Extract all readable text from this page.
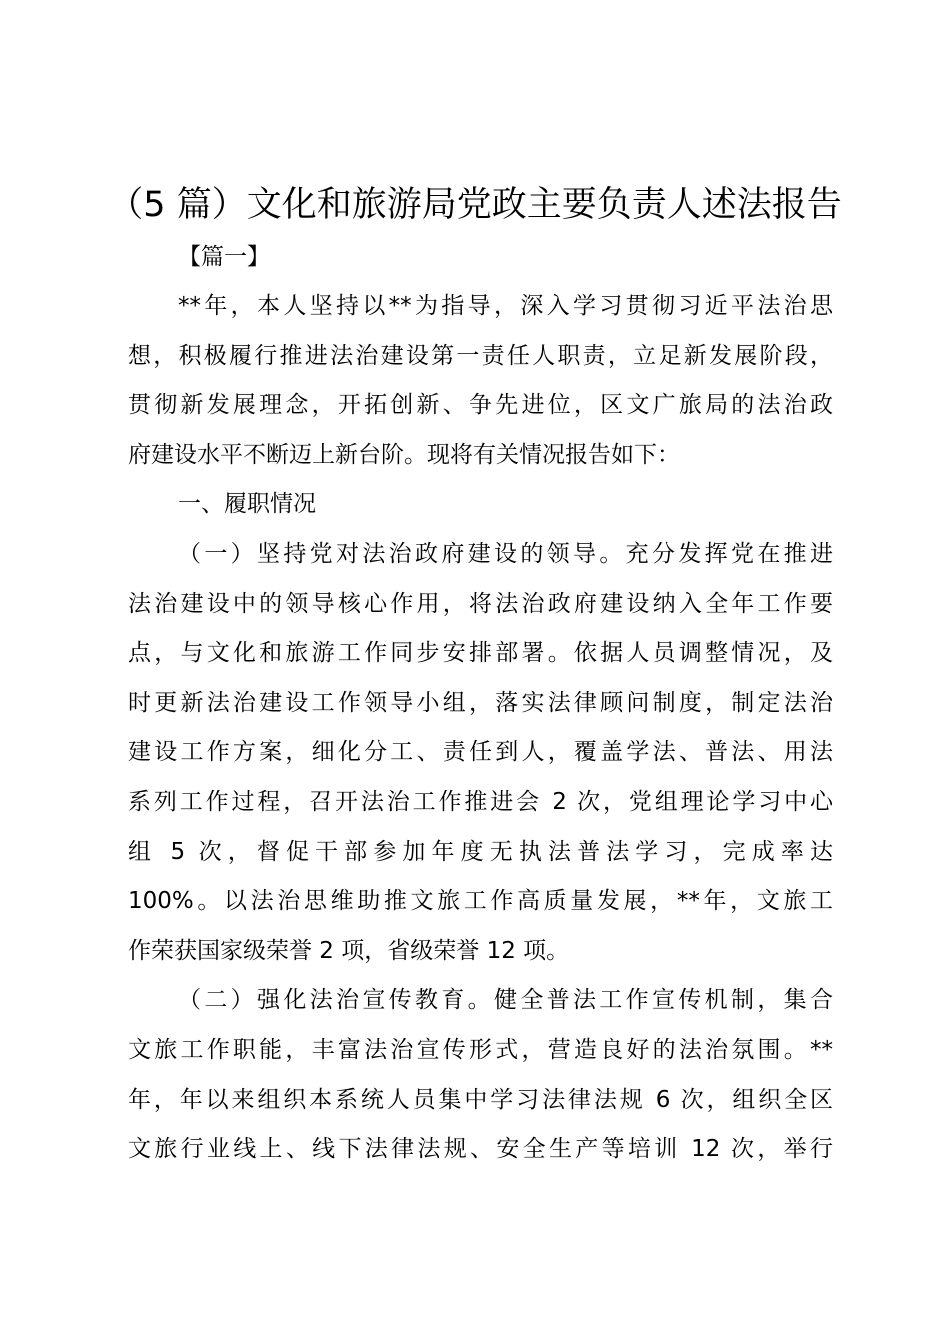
（5 篇）文化和旅游局党政主要负责人述法报告
【篇一】
**年，本人坚持以**为指导，深入学习贯彻习近平法治思
想，积极履行推进法治建设第一责任人职责，立足新发展阶段，
贯彻新发展理念，开拓创新、争先进位，区文广旅局的法治政
府建设水平不断迈上新台阶。现将有关情况报告如下：
一、履职情况
（一）坚持党对法治政府建设的领导。充分发挥党在推进
法治建设中的领导核心作用，将法治政府建设纳入全年工作要
点，与文化和旅游工作同步安排部署。依据人员调整情况，及
时更新法治建设工作领导小组，落实法律顾问制度，制定法治
建设工作方案，细化分工、责任到人，覆盖学法、普法、用法
系列工作过程，召开法治工作推进会 2 次，党组理论学习中心
组 5 次，督促干部参加年度无执法普法学习，完成率达
100%。以法治思维助推文旅工作高质量发展，**年，文旅工
作荣获国家级荣誉 2 项，省级荣誉 12 项。
（二）强化法治宣传教育。健全普法工作宣传机制，集合
文旅工作职能，丰富法治宣传形式，营造良好的法治氛围。**
年，年以来组织本系统人员集中学习法律法规 6 次，组织全区
文旅行业线上、线下法律法规、安全生产等培训 12 次，举行
